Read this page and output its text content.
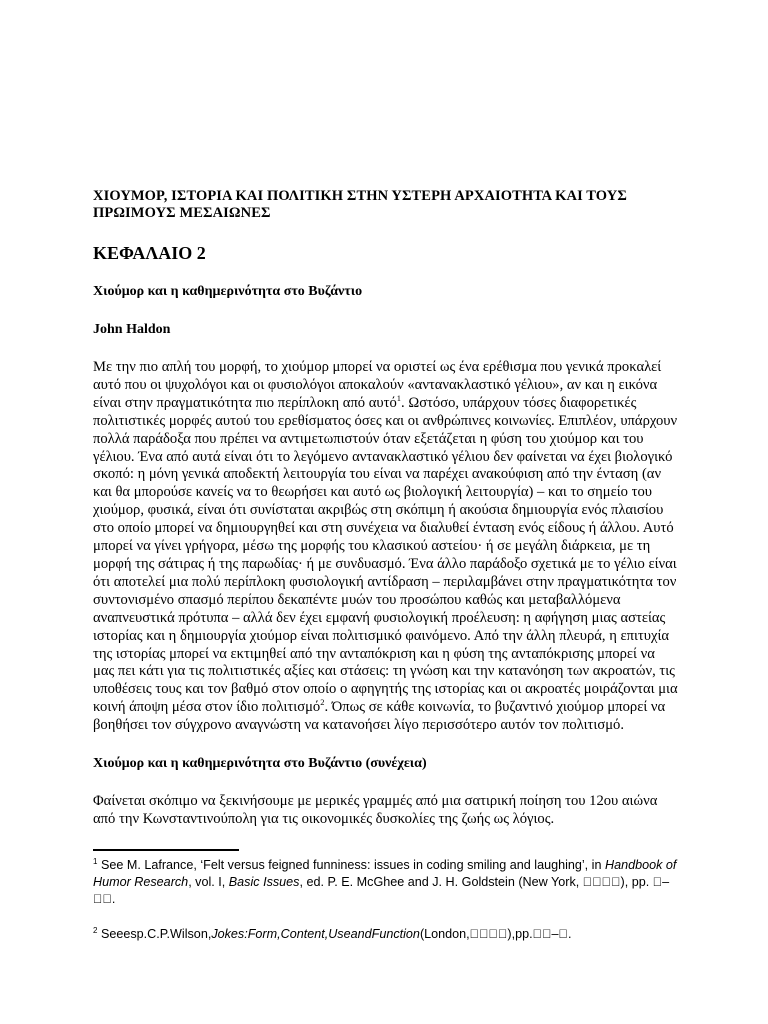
ΧΙΟΥΜΟΡ, ΙΣΤΟΡΙΑ ΚΑΙ ΠΟΛΙΤΙΚΗ ΣΤΗΝ ΥΣΤΕΡΗ ΑΡΧΑΙΟΤΗΤΑ ΚΑΙ ΤΟΥΣ ΠΡΩΙΜΟΥΣ ΜΕΣΑΙΩΝΕΣ
ΚΕΦΑΛΑΙΟ 2
Χιούμορ και η καθημερινότητα στο Βυζάντιο

John Haldon

Με την πιο απλή του μορφή, το χιούμορ μπορεί να οριστεί ως ένα ερέθισμα που γενικά προκαλεί αυτό που οι ψυχολόγοι και οι φυσιολόγοι αποκαλούν «αντανακλαστικό γέλιου», αν και η εικόνα είναι στην πραγματικότητα πιο περίπλοκη από αυτό$^1$. Ωστόσο, υπάρχουν τόσες διαφορετικές πολιτιστικές μορφές αυτού του ερεθίσματος όσες και οι ανθρώπινες κοινωνίες. Επιπλέον, υπάρχουν πολλά παράδοξα που πρέπει να αντιμετωπιστούν όταν εξετάζεται η φύση του χιούμορ και του γέλιου. Ένα από αυτά είναι ότι το λεγόμενο αντανακλαστικό γέλιου δεν φαίνεται να έχει βιολογικό σκοπό: η μόνη γενικά αποδεκτή λειτουργία του είναι να παρέχει ανακούφιση από την ένταση (αν και θα μπορούσε κανείς να το θεωρήσει και αυτό ως βιολογική λειτουργία) – και το σημείο του χιούμορ, φυσικά, είναι ότι συνίσταται ακριβώς στη σκόπιμη ή ακούσια δημιουργία ενός πλαισίου στο οποίο μπορεί να δημιουργηθεί και στη συνέχεια να διαλυθεί ένταση ενός είδους ή άλλου. Αυτό μπορεί να γίνει γρήγορα, μέσω της μορφής του κλασικού αστείου· ή σε μεγάλη διάρκεια, με τη μορφή της σάτιρας ή της παρωδίας· ή με συνδυασμό. Ένα άλλο παράδοξο σχετικά με το γέλιο είναι ότι αποτελεί μια πολύ περίπλοκη φυσιολογική αντίδραση – περιλαμβάνει στην πραγματικότητα τον συντονισμένο σπασμό περίπου δεκαπέντε μυών του προσώπου καθώς και μεταβαλλόμενα αναπνευστικά πρότυπα – αλλά δεν έχει εμφανή φυσιολογική προέλευση: η αφήγηση μιας αστείας ιστορίας και η δημιουργία χιούμορ είναι πολιτισμικό φαινόμενο. Από την άλλη πλευρά, η επιτυχία της ιστορίας μπορεί να εκτιμηθεί από την ανταπόκριση και η φύση της ανταπόκρισης μπορεί να μας πει κάτι για τις πολιτιστικές αξίες και στάσεις: τη γνώση και την κατανόηση των ακροατών, τις υποθέσεις τους και τον βαθμό στον οποίο ο αφηγητής της ιστορίας και οι ακροατές μοιράζονται μια κοινή άποψη μέσα στον ίδιο πολιτισμό$^2$. Όπως σε κάθε κοινωνία, το βυζαντινό χιούμορ μπορεί να βοηθήσει τον σύγχρονο αναγνώστη να κατανοήσει λίγο περισσότερο αυτόν τον πολιτισμό.

Χιούμορ και η καθημερινότητα στο Βυζάντιο (συνέχεια)

Φαίνεται σκόπιμο να ξεκινήσουμε με μερικές γραμμές από μια σατιρική ποίηση του 12ου αιώνα από την Κωνσταντινούπολη για τις οικονομικές δυσκολίες της ζωής ως λόγιος.

$^1$ See M. Lafrance, ‘Felt versus feigned funniness: issues in coding smiling and laughing’, in Handbook of Humor Research, vol. I, Basic Issues, ed. P. E. McGhee and J. H. Goldstein (New York, ￿￿￿￿), pp. ￿–￿￿.

$^2$ Seeesp.C.P.Wilson,Jokes:Form,Content,UseandFunction(London,￿￿￿￿),pp.￿￿–￿.
